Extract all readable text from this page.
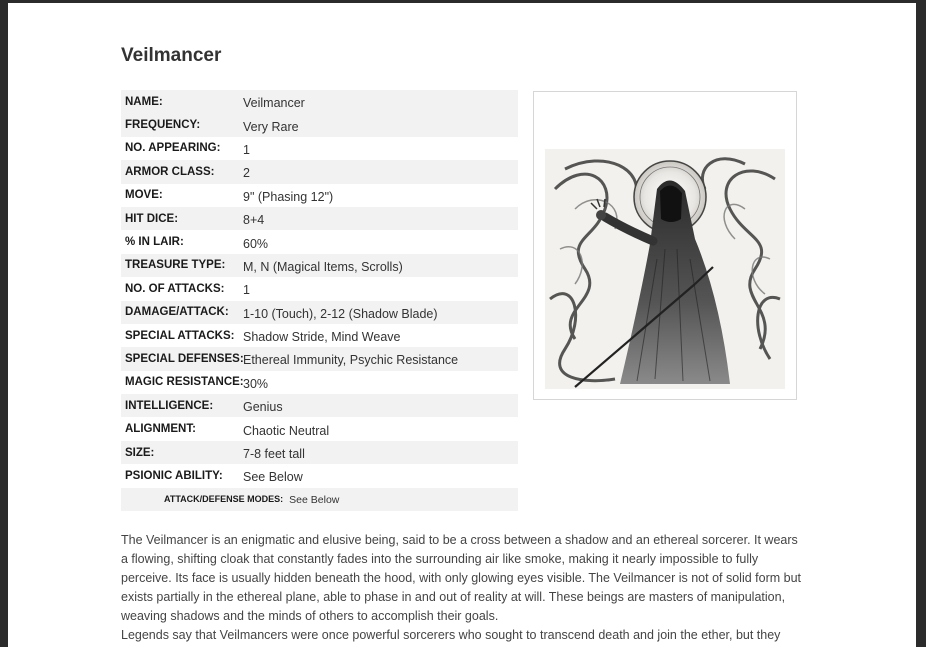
Veilmancer
NAME:	Veilmancer
FREQUENCY:	Very Rare
NO. APPEARING:	1
ARMOR CLASS:	2
MOVE:	9" (Phasing 12")
HIT DICE:	8+4
% IN LAIR:	60%
TREASURE TYPE:	M, N (Magical Items, Scrolls)
NO. OF ATTACKS:	1
DAMAGE/ATTACK:	1-10 (Touch), 2-12 (Shadow Blade)
SPECIAL ATTACKS: Shadow Stride, Mind Weave
SPECIAL DEFENSES: Ethereal Immunity, Psychic Resistance
MAGIC RESISTANCE: 30%
INTELLIGENCE:	Genius
ALIGNMENT:	Chaotic Neutral
SIZE:	7-8 feet tall
PSIONIC ABILITY:	See Below
ATTACK/DEFENSE MODES: See Below

The Veilmancer is an enigmatic and elusive being, said to be a cross between a shadow and an ethereal sorcerer. It wears a flowing, shifting cloak that constantly fades into the surrounding air like smoke, making it nearly impossible to fully perceive. Its face is usually hidden beneath the hood, with only glowing eyes visible. The Veilmancer is not of solid form but exists partially in the ethereal plane, able to phase in and out of reality at will. These beings are masters of manipulation, weaving shadows and the minds of others to accomplish their goals.

Legends say that Veilmancers were once powerful sorcerers who sought to transcend death and join the ether, but they
